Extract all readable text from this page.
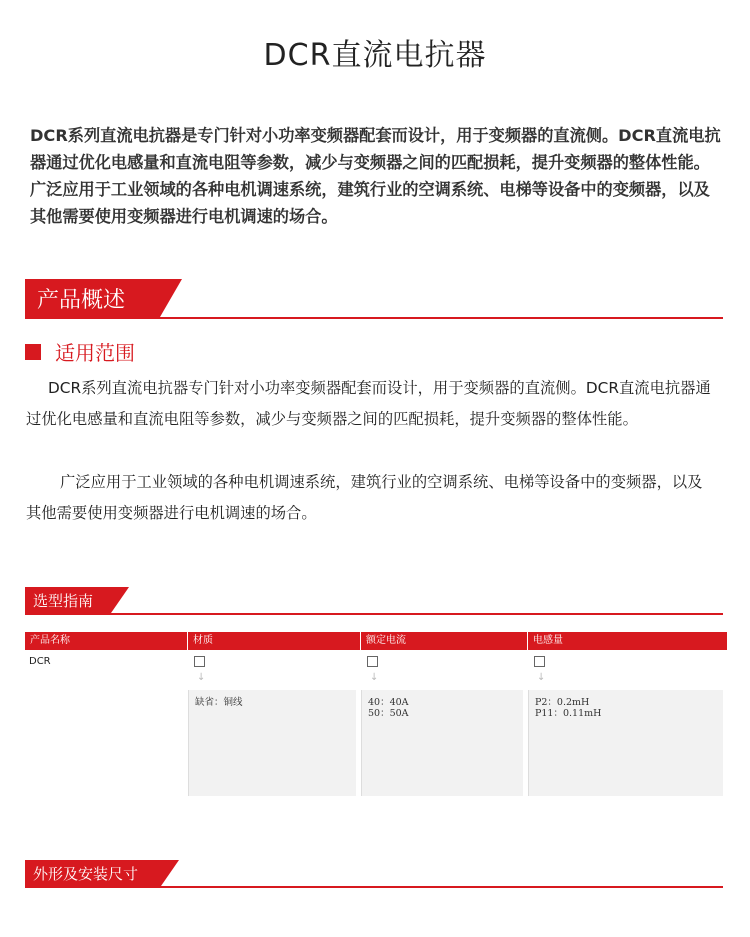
DCR直流电抗器
DCR系列直流电抗器是专门针对小功率变频器配套而设计，用于变频器的直流侧。DCR直流电抗器通过优化电感量和直流电阻等参数，减少与变频器之间的匹配损耗，提升变频器的整体性能。广泛应用于工业领域的各种电机调速系统，建筑行业的空调系统、电梯等设备中的变频器，以及其他需要使用变频器进行电机调速的场合。
产品概述
适用范围
DCR系列直流电抗器专门针对小功率变频器配套而设计，用于变频器的直流侧。DCR直流电抗器通过优化电感量和直流电阻等参数，减少与变频器之间的匹配损耗，提升变频器的整体性能。
广泛应用于工业领域的各种电机调速系统，建筑行业的空调系统、电梯等设备中的变频器，以及其他需要使用变频器进行电机调速的场合。
选型指南
产品名称
DCR
材质
↓
缺省：铜线
额定电流
↓
40：40A
50：50A
电感量
↓
P2：0.2mH
P11：0.11mH
外形及安装尺寸
